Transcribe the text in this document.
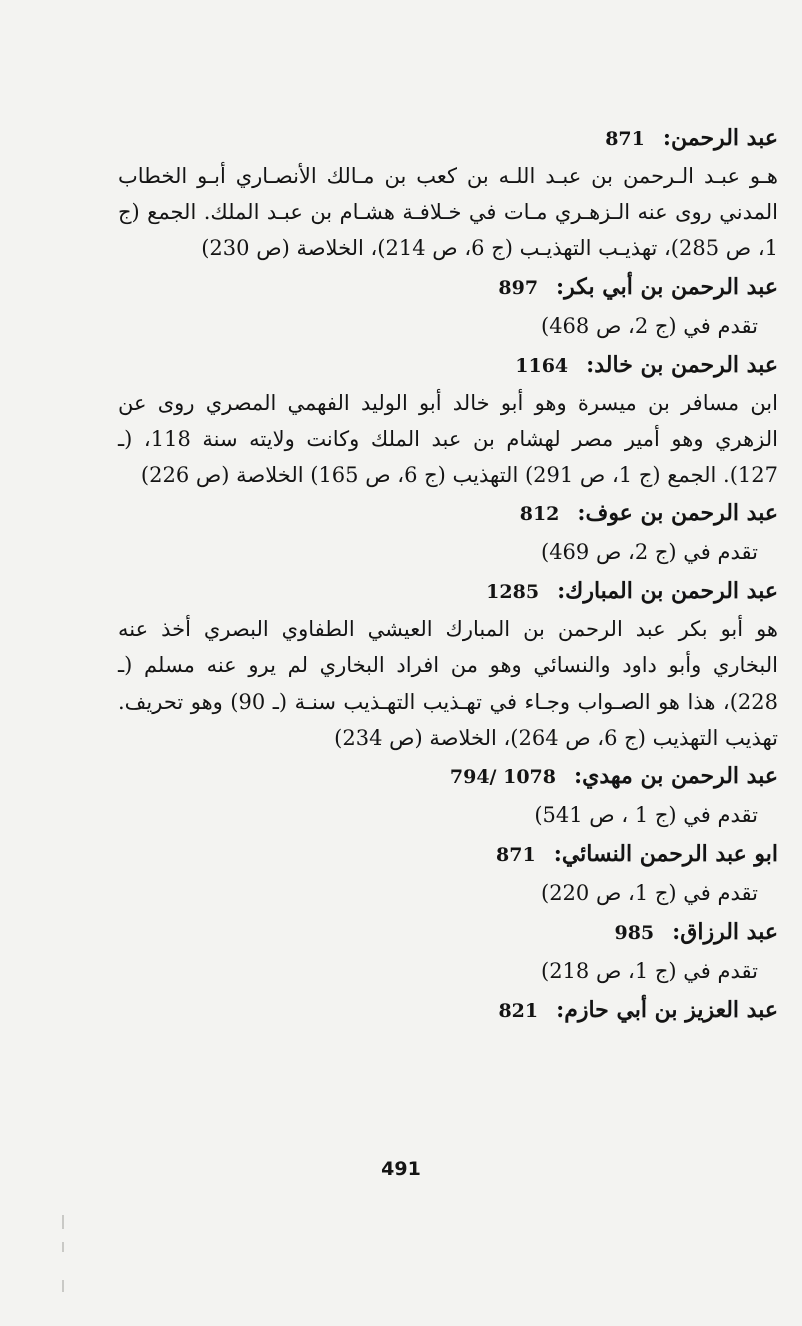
عبد الرحمن:
871
هـو عبـد الـرحمن بن عبـد اللـه بن كعب بن مـالك الأنصـاري أبـو الخطاب المدني روى عنه الـزهـري مـات في خـلافـة هشـام بن عبـد الملك. الجمع (ج 1، ص 285)، تهذيـب التهذيـب (ج 6، ص 214)، الخلاصة (ص 230)
عبد الرحمن بن أبي بكر:
897
تقدم في (ج 2، ص 468)
عبد الرحمن بن خالد:
1164
ابن مسافر بن ميسرة وهو أبو خالد أبو الوليد الفهمي المصري روى عن الزهري وهو أمير مصر لهشام بن عبد الملك وكانت ولايته سنة 118، (ـ 127). الجمع (ج 1، ص 291) التهذيب (ج 6، ص 165) الخلاصة (ص 226)
عبد الرحمن بن عوف:
812
تقدم في (ج 2، ص 469)
عبد الرحمن بن المبارك:
1285
هو أبو بكر عبد الرحمن بن المبارك العيشي الطفاوي البصري أخذ عنه البخاري وأبو داود والنسائي وهو من افراد البخاري لم يرو عنه مسلم (ـ 228)، هذا هو الصـواب وجـاء في تهـذيب التهـذيب سنـة (ـ 90) وهو تحريف. تهذيب التهذيب (ج 6، ص 264)، الخلاصة (ص 234)
عبد الرحمن بن مهدي:
794/ 1078
تقدم في (ج 1 ، ص 541)
ابو عبد الرحمن النسائي:
871
تقدم في (ج 1، ص 220)
عبد الرزاق:
985
تقدم في (ج 1، ص 218)
عبد العزيز بن أبي حازم:
821
491
